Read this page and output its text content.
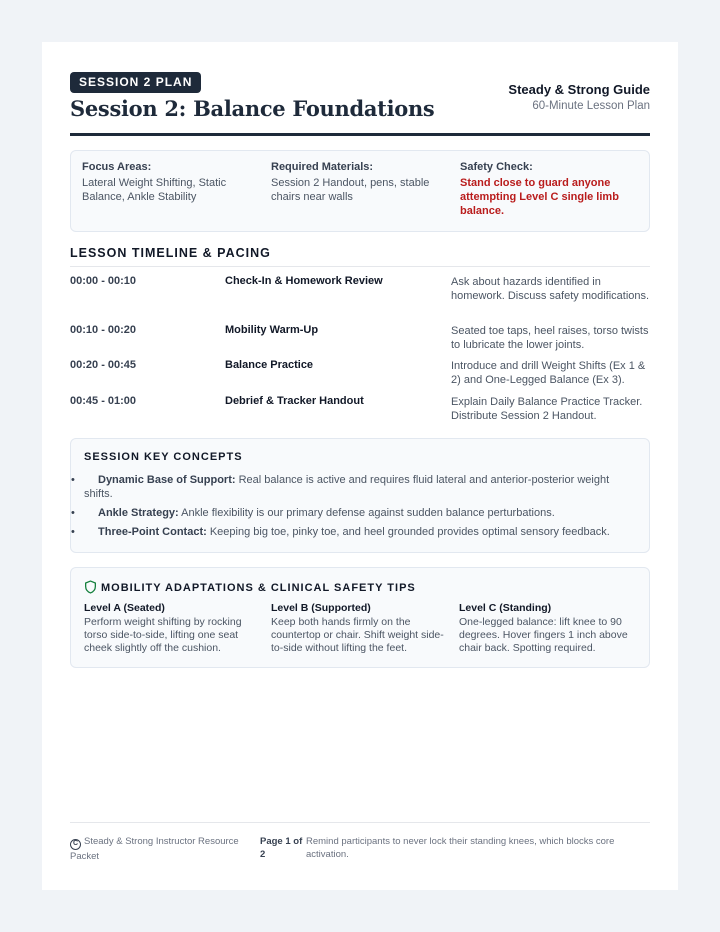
SESSION 2 PLAN
Session 2: Balance Foundations
Steady & Strong Guide
60-Minute Lesson Plan
Focus Areas:
Lateral Weight Shifting, Static Balance, Ankle Stability
Required Materials:
Session 2 Handout, pens, stable chairs near walls
Safety Check:
Stand close to guard anyone attempting Level C single limb balance.
LESSON TIMELINE & PACING
00:00 - 00:10	Check-In & Homework Review	Ask about hazards identified in homework. Discuss safety modifications.
00:10 - 00:20	Mobility Warm-Up	Seated toe taps, heel raises, torso twists to lubricate the lower joints.
00:20 - 00:45	Balance Practice	Introduce and drill Weight Shifts (Ex 1 & 2) and One-Legged Balance (Ex 3).
00:45 - 01:00	Debrief & Tracker Handout	Explain Daily Balance Practice Tracker. Distribute Session 2 Handout.
SESSION KEY CONCEPTS
• Dynamic Base of Support: Real balance is active and requires fluid lateral and anterior-posterior weight shifts.
• Ankle Strategy: Ankle flexibility is our primary defense against sudden balance perturbations.
• Three-Point Contact: Keeping big toe, pinky toe, and heel grounded provides optimal sensory feedback.
MOBILITY ADAPTATIONS & CLINICAL SAFETY TIPS
Level A (Seated)
Perform weight shifting by rocking torso side-to-side, lifting one seat cheek slightly off the cushion.
Level B (Supported)
Keep both hands firmly on the countertop or chair. Shift weight side-to-side without lifting the feet.
Level C (Standing)
One-legged balance: lift knee to 90 degrees. Hover fingers 1 inch above chair back. Spotting required.
C Steady & Strong Instructor Resource Packet
Page 1 of 2
Remind participants to never lock their standing knees, which blocks core activation.
